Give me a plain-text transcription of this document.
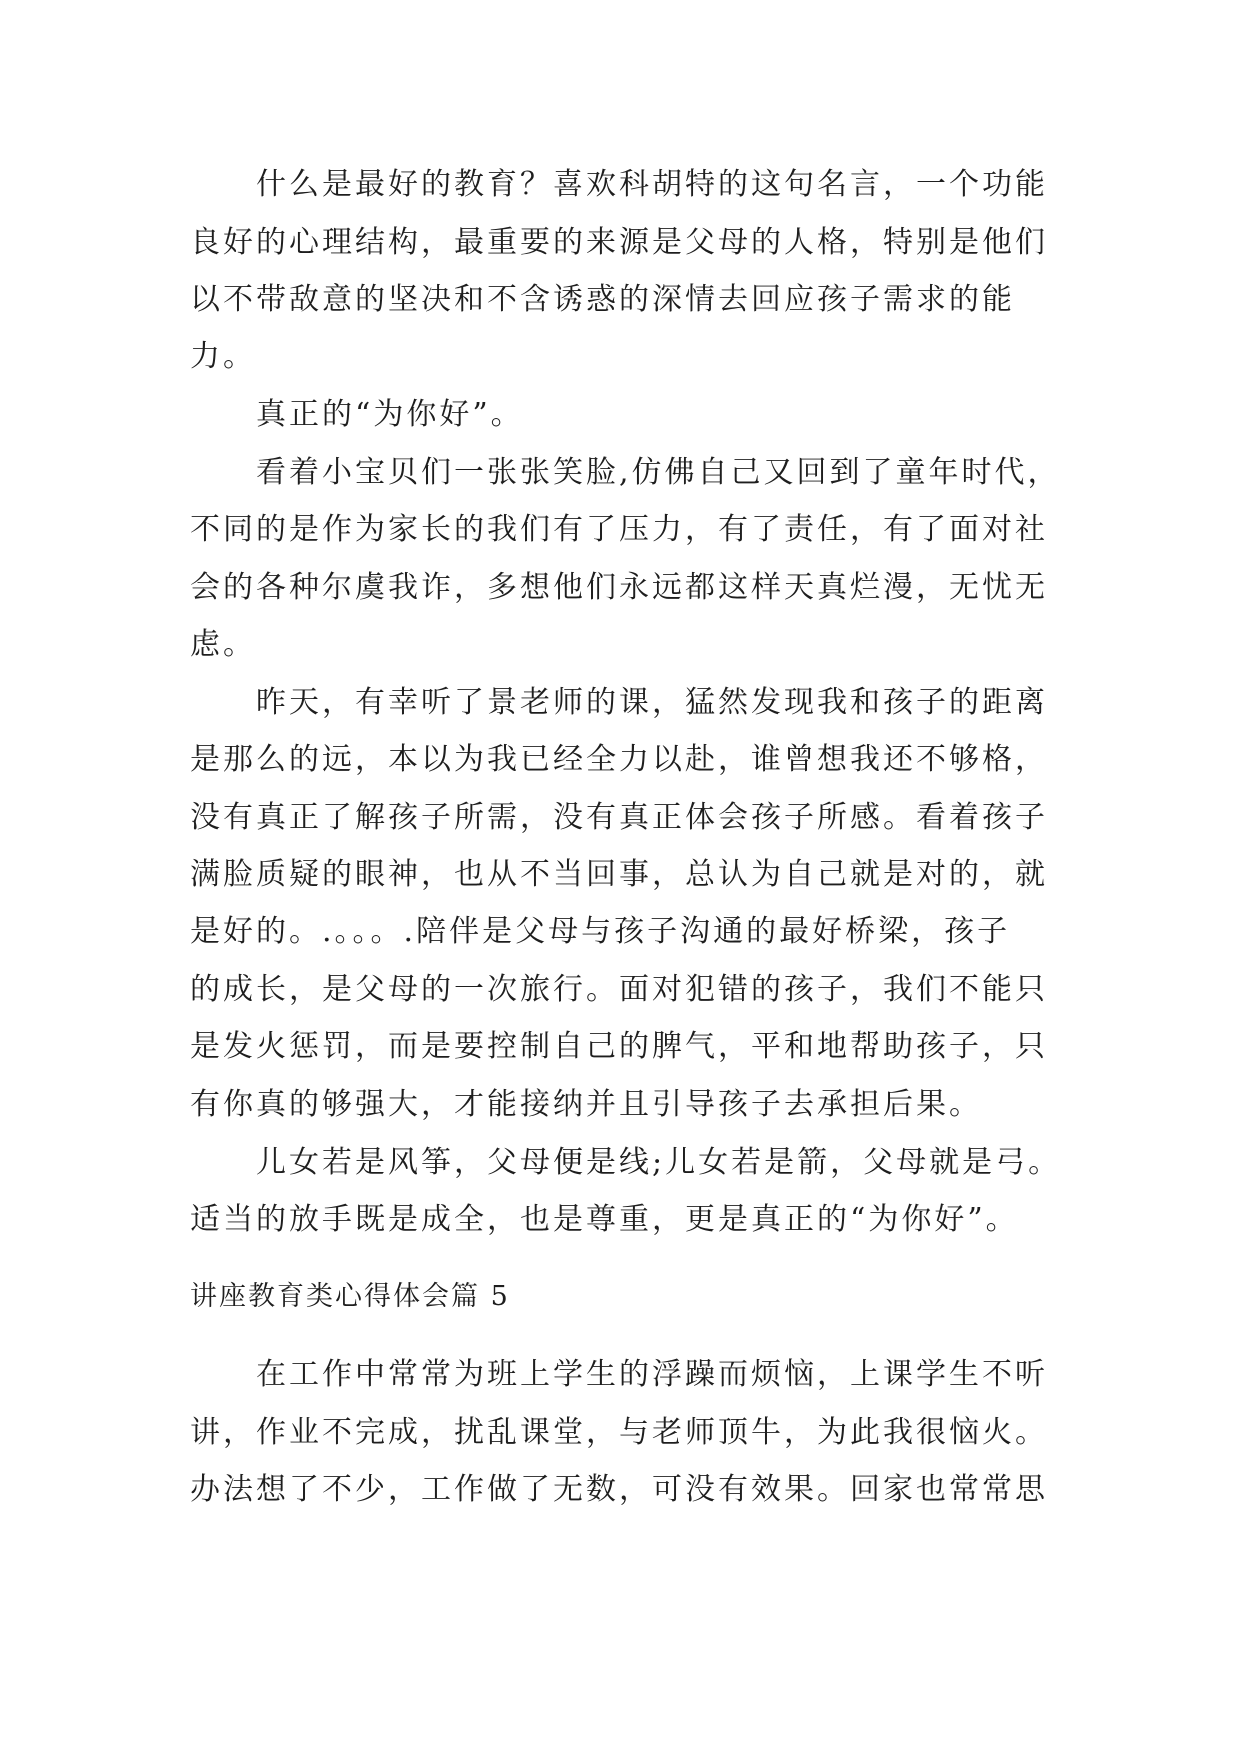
什么是最好的教育？喜欢科胡特的这句名言，一个功能
良好的心理结构，最重要的来源是父母的人格，特别是他们
以不带敌意的坚决和不含诱惑的深情去回应孩子需求的能
力。
真正的“为你好”。
看着小宝贝们一张张笑脸,仿佛自己又回到了童年时代，
不同的是作为家长的我们有了压力，有了责任，有了面对社
会的各种尔虞我诈，多想他们永远都这样天真烂漫，无忧无
虑。
昨天，有幸听了景老师的课，猛然发现我和孩子的距离
是那么的远，本以为我已经全力以赴，谁曾想我还不够格，
没有真正了解孩子所需，没有真正体会孩子所感。看着孩子
满脸质疑的眼神，也从不当回事，总认为自己就是对的，就
是好的。.。。。.陪伴是父母与孩子沟通的最好桥梁，孩子
的成长，是父母的一次旅行。面对犯错的孩子，我们不能只
是发火惩罚，而是要控制自己的脾气，平和地帮助孩子，只
有你真的够强大，才能接纳并且引导孩子去承担后果。
儿女若是风筝，父母便是线;儿女若是箭，父母就是弓。
适当的放手既是成全，也是尊重，更是真正的“为你好”。
讲座教育类心得体会篇 5
在工作中常常为班上学生的浮躁而烦恼，上课学生不听
讲，作业不完成，扰乱课堂，与老师顶牛，为此我很恼火。
办法想了不少，工作做了无数，可没有效果。回家也常常思
